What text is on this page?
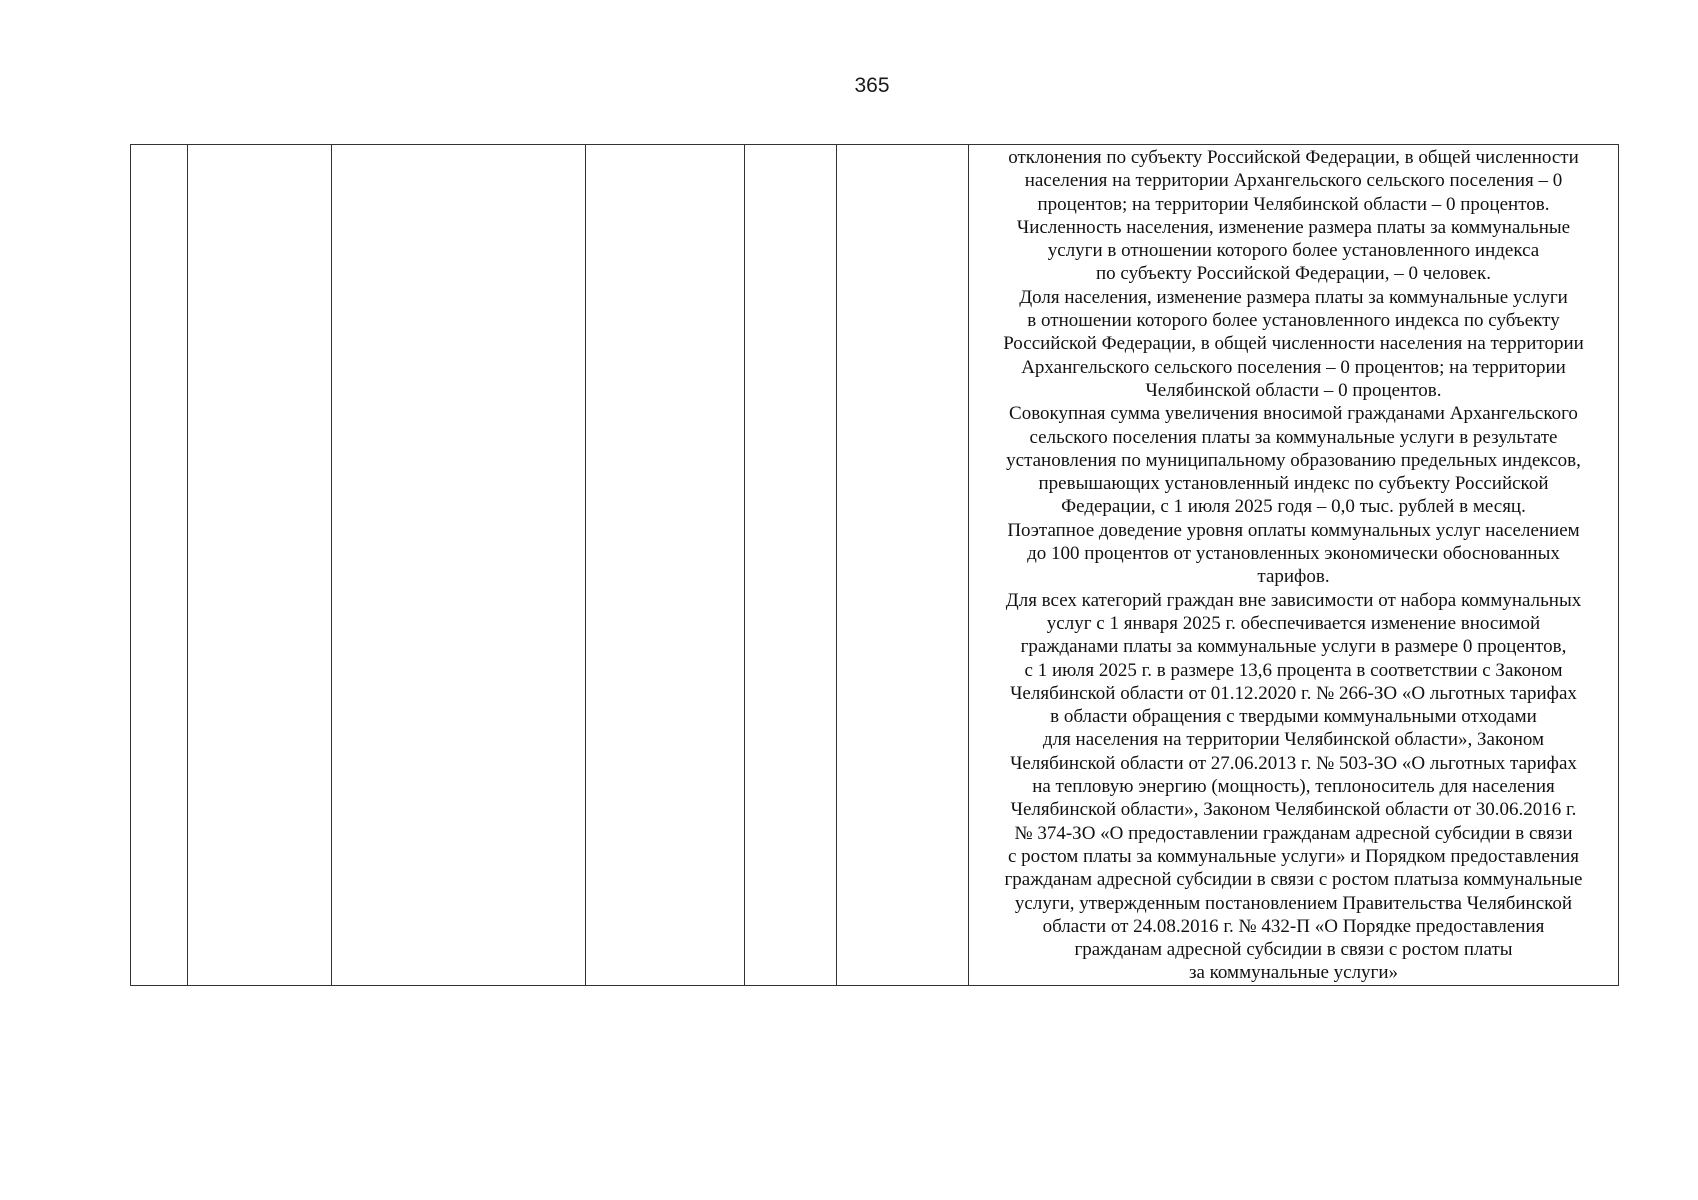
365

отклонения по субъекту Российской Федерации, в общей численности
населения на территории Архангельского сельского поселения – 0
процентов; на территории Челябинской области – 0 процентов.
Численность населения, изменение размера платы за коммунальные
услуги в отношении которого более установленного индекса
по субъекту Российской Федерации, – 0 человек.
Доля населения, изменение размера платы за коммунальные услуги
в отношении которого более установленного индекса по субъекту
Российской Федерации, в общей численности населения на территории
Архангельского сельского поселения – 0 процентов; на территории
Челябинской области – 0 процентов.
Совокупная сумма увеличения вносимой гражданами Архангельского
сельского поселения платы за коммунальные услуги в результате
установления по муниципальному образованию предельных индексов,
превышающих установленный индекс по субъекту Российской
Федерации, с 1 июля 2025 годя – 0,0 тыс. рублей в месяц.
Поэтапное доведение уровня оплаты коммунальных услуг населением
до 100 процентов от установленных экономически обоснованных
тарифов.
Для всех категорий граждан вне зависимости от набора коммунальных
услуг с 1 января 2025 г. обеспечивается изменение вносимой
гражданами платы за коммунальные услуги в размере 0 процентов,
с 1 июля 2025 г. в размере 13,6 процента в соответствии с Законом
Челябинской области от 01.12.2020 г. № 266-ЗО «О льготных тарифах
в области обращения с твердыми коммунальными отходами
для населения на территории Челябинской области», Законом
Челябинской области от 27.06.2013 г. № 503-ЗО «О льготных тарифах
на тепловую энергию (мощность), теплоноситель для населения
Челябинской области», Законом Челябинской области от 30.06.2016 г.
№ 374-ЗО «О предоставлении гражданам адресной субсидии в связи
с ростом платы за коммунальные услуги» и Порядком предоставления
гражданам адресной субсидии в связи с ростом платыза коммунальные
услуги, утвержденным постановлением Правительства Челябинской
области от 24.08.2016 г. № 432-П «О Порядке предоставления
гражданам адресной субсидии в связи с ростом платы
за коммунальные услуги»
